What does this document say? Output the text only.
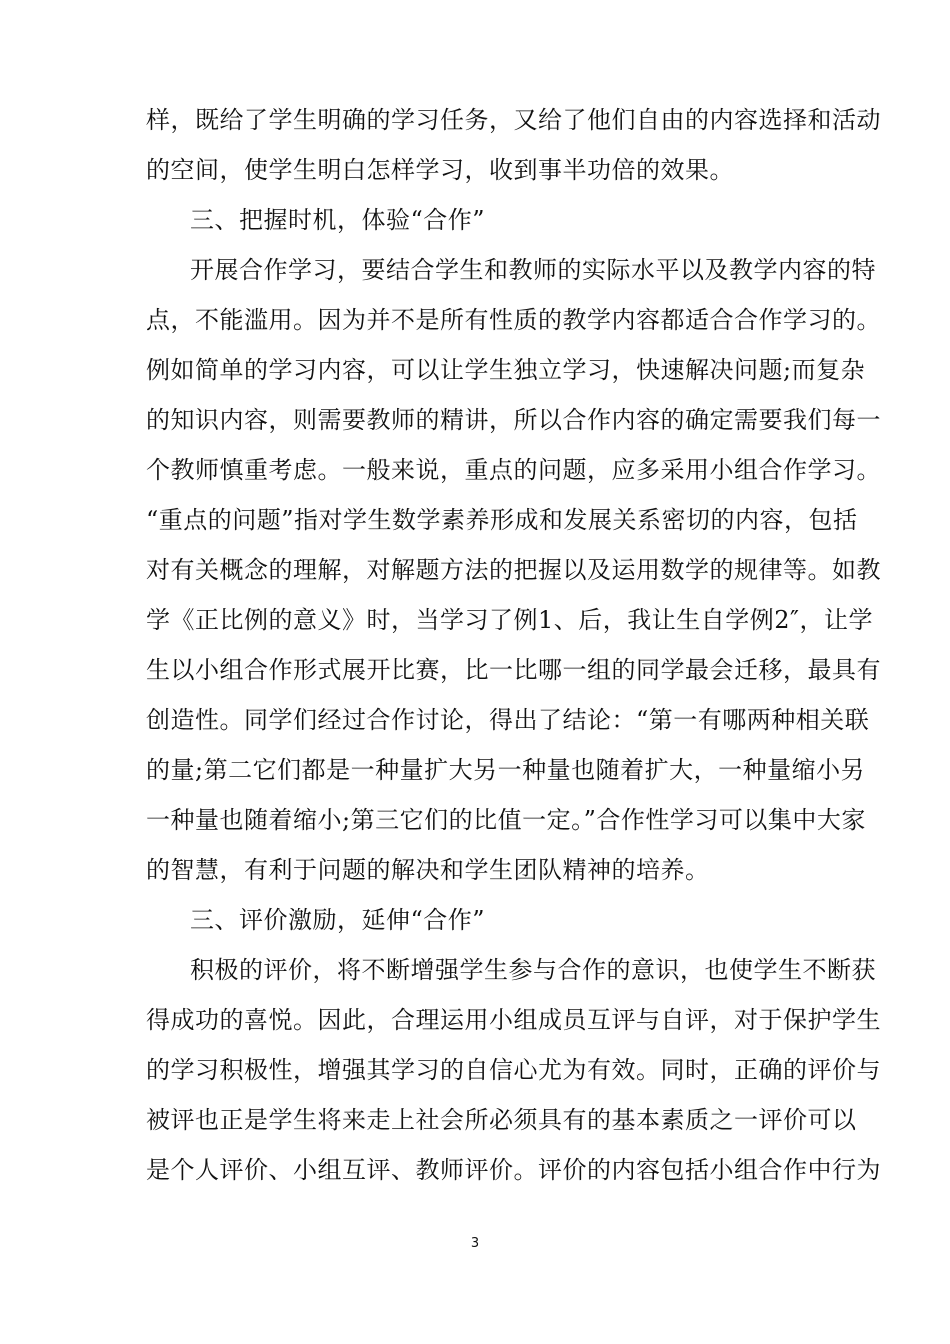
样，既给了学生明确的学习任务，又给了他们自由的内容选择和活动
的空间，使学生明白怎样学习，收到事半功倍的效果。
三、把握时机，体验“合作”
开展合作学习，要结合学生和教师的实际水平以及教学内容的特
点，不能滥用。因为并不是所有性质的教学内容都适合合作学习的。
例如简单的学习内容，可以让学生独立学习，快速解决问题;而复杂
的知识内容，则需要教师的精讲，所以合作内容的确定需要我们每一
个教师慎重考虑。一般来说，重点的问题，应多采用小组合作学习。
“重点的问题”指对学生数学素养形成和发展关系密切的内容，包括
对有关概念的理解，对解题方法的把握以及运用数学的规律等。如教
学《正比例的意义》时，当学习了例1、后，我让生自学例2″，让学
生以小组合作形式展开比赛，比一比哪一组的同学最会迁移，最具有
创造性。同学们经过合作讨论，得出了结论：“第一有哪两种相关联
的量;第二它们都是一种量扩大另一种量也随着扩大，一种量缩小另
一种量也随着缩小;第三它们的比值一定。”合作性学习可以集中大家
的智慧，有利于问题的解决和学生团队精神的培养。
三、评价激励，延伸“合作”
积极的评价，将不断增强学生参与合作的意识，也使学生不断获
得成功的喜悦。因此，合理运用小组成员互评与自评，对于保护学生
的学习积极性，增强其学习的自信心尤为有效。同时，正确的评价与
被评也正是学生将来走上社会所必须具有的基本素质之一评价可以
是个人评价、小组互评、教师评价。评价的内容包括小组合作中行为
3
